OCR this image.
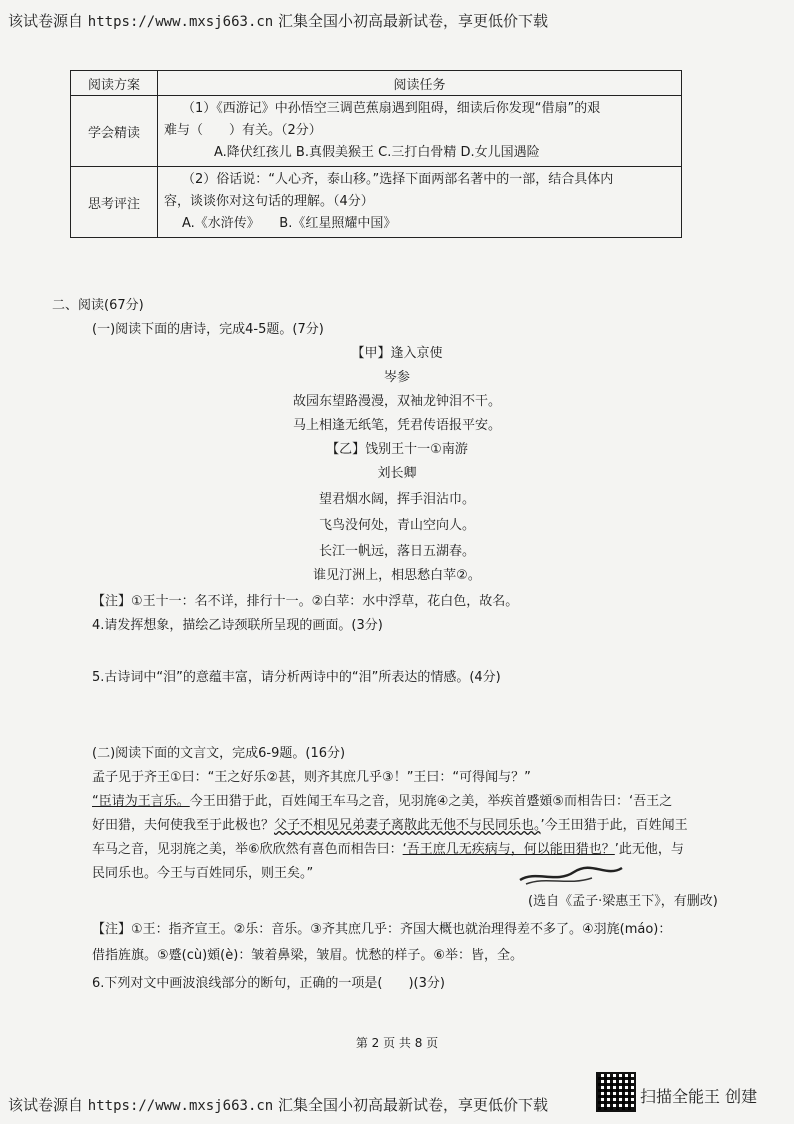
该试卷源自 https://www.mxsj663.cn 汇集全国小初高最新试卷，享更低价下载
阅读方案	阅读任务
学会精读	（1）《西游记》中孙悟空三调芭蕉扇遇到阻碍，细读后你发现“借扇”的艰
难与（　　）有关。（2分）
A.降伏红孩儿 B.真假美猴王 C.三打白骨精 D.女儿国遇险

思考评注	（2）俗话说：“人心齐，泰山移。”选择下面两部名著中的一部，结合具体内
容，谈谈你对这句话的理解。（4分）
A.《水浒传》　　B.《红星照耀中国》
二、阅读(67分)
(一)阅读下面的唐诗，完成4-5题。(7分)
【甲】逢入京使
岑参
故园东望路漫漫，双袖龙钟泪不干。
马上相逢无纸笔，凭君传语报平安。
【乙】饯别王十一①南游
刘长卿
望君烟水阔，挥手泪沾巾。
飞鸟没何处，青山空向人。
长江一帆远，落日五湖春。
谁见汀洲上，相思愁白苹②。
【注】①王十一：名不详，排行十一。②白苹：水中浮草，花白色，故名。
4.请发挥想象，描绘乙诗颈联所呈现的画面。(3分)
5.古诗词中“泪”的意蕴丰富，请分析两诗中的“泪”所表达的情感。(4分)
(二)阅读下面的文言文，完成6-9题。(16分)
孟子见于齐王①曰：“王之好乐②甚，则齐其庶几乎③！”王曰：“可得闻与？”
“臣请为王言乐。今王田猎于此，百姓闻王车马之音，见羽旄④之美，举疾首蹙頞⑤而相告曰：‘吾王之
好田猎，夫何使我至于此极也？父子不相见兄弟妻子离散此无他不与民同乐也。’今王田猎于此，百姓闻王
车马之音，见羽旄之美，举⑥欣欣然有喜色而相告曰：‘吾王庶几无疾病与，何以能田猎也？’此无他，与
民同乐也。今王与百姓同乐，则王矣。”
(选自《孟子·梁惠王下》，有删改)
【注】①王：指齐宣王。②乐：音乐。③齐其庶几乎：齐国大概也就治理得差不多了。④羽旄(máo)：
借指旌旗。⑤蹙(cù)頞(è)：皱着鼻梁，皱眉。忧愁的样子。⑥举：皆，全。
6.下列对文中画波浪线部分的断句，正确的一项是(　　)(3分)
第 2 页 共 8 页
该试卷源自 https://www.mxsj663.cn 汇集全国小初高最新试卷，享更低价下载	扫描全能王 创建
